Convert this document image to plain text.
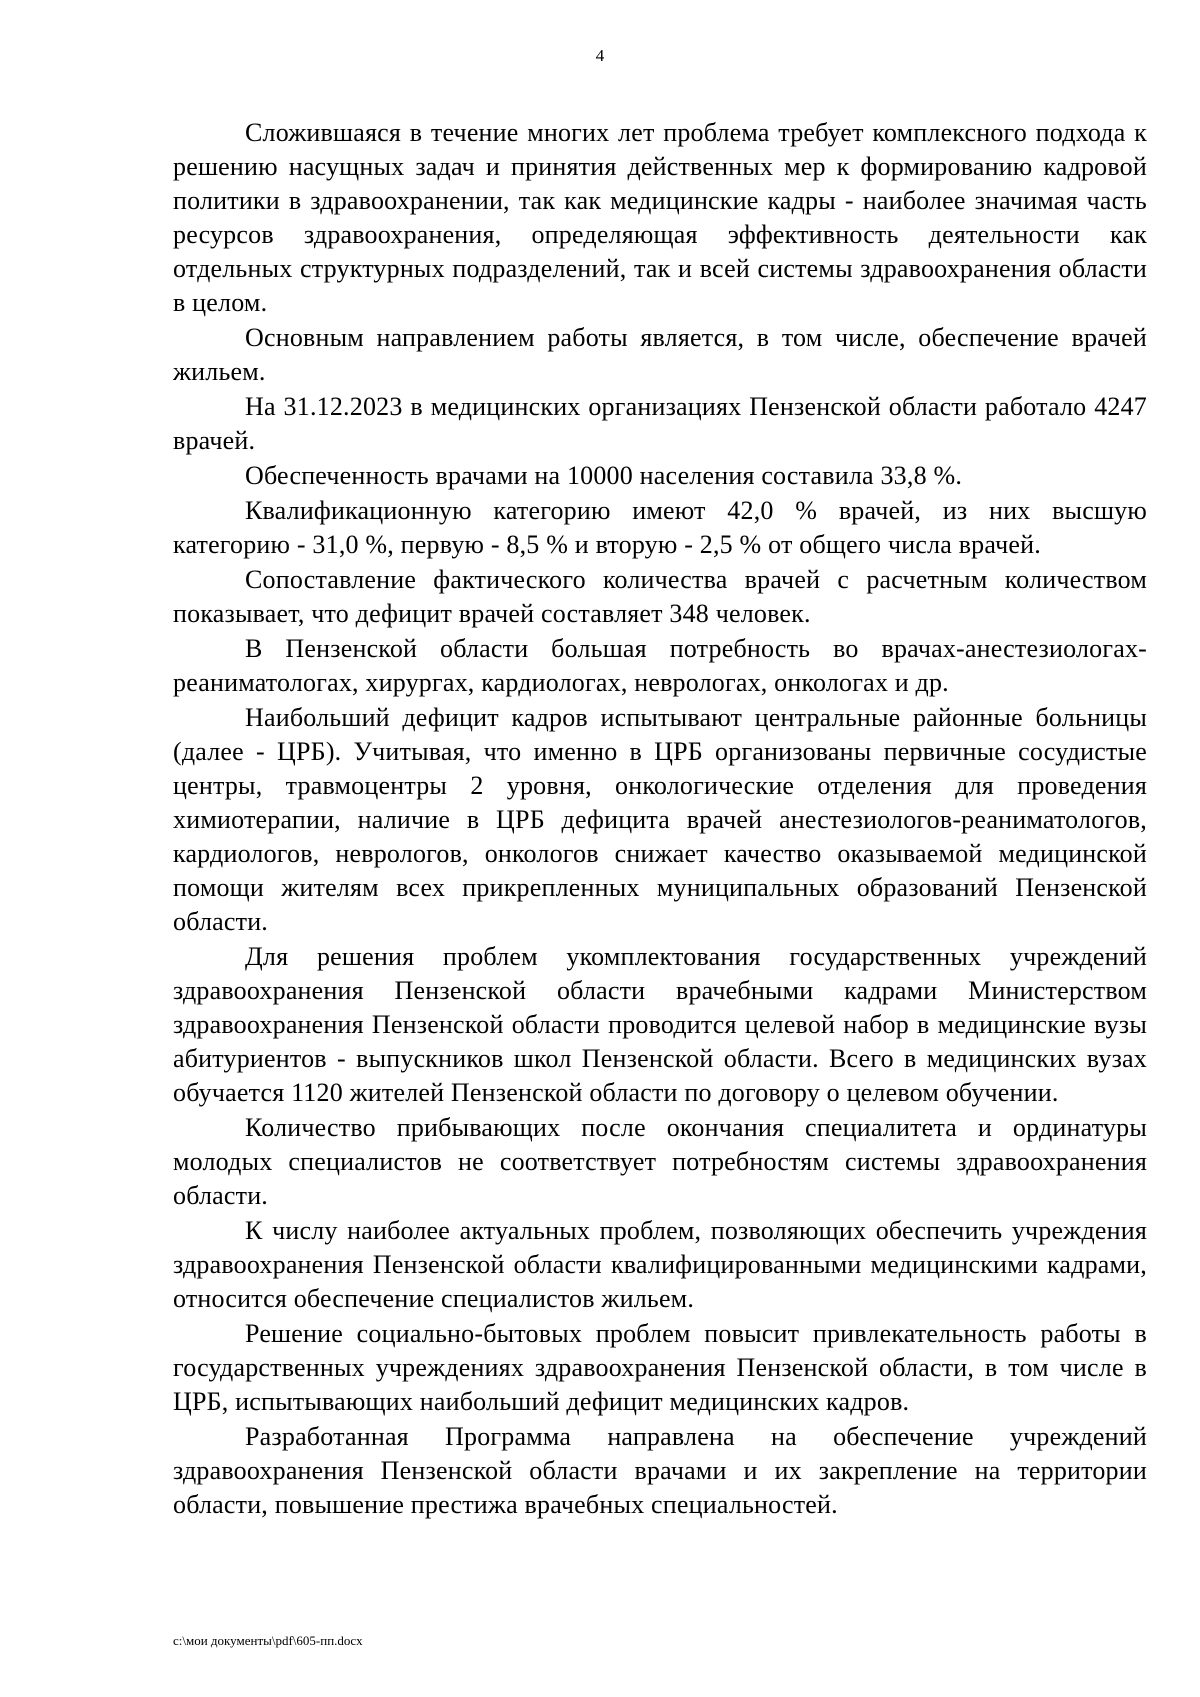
4

Сложившаяся в течение многих лет проблема требует комплексного подхода к решению насущных задач и принятия действенных мер к формированию кадровой политики в здравоохранении, так как медицинские кадры - наиболее значимая часть ресурсов здравоохранения, определяющая эффективность деятельности как отдельных структурных подразделений, так и всей системы здравоохранения области в целом.

Основным направлением работы является, в том числе, обеспечение врачей жильем.

На 31.12.2023 в медицинских организациях Пензенской области работало 4247 врачей.

Обеспеченность врачами на 10000 населения составила 33,8 %.

Квалификационную категорию имеют 42,0 % врачей, из них высшую категорию - 31,0 %, первую - 8,5 % и вторую - 2,5 % от общего числа врачей.

Сопоставление фактического количества врачей с расчетным количеством показывает, что дефицит врачей составляет 348 человек.

В Пензенской области большая потребность во врачах-анестезиологах-реаниматологах, хирургах, кардиологах, неврологах, онкологах и др.

Наибольший дефицит кадров испытывают центральные районные больницы (далее - ЦРБ). Учитывая, что именно в ЦРБ организованы первичные сосудистые центры, травмоцентры 2 уровня, онкологические отделения для проведения химиотерапии, наличие в ЦРБ дефицита врачей анестезиологов-реаниматологов, кардиологов, неврологов, онкологов снижает качество оказываемой медицинской помощи жителям всех прикрепленных муниципальных образований Пензенской области.

Для решения проблем укомплектования государственных учреждений здравоохранения Пензенской области врачебными кадрами Министерством здравоохранения Пензенской области проводится целевой набор в медицинские вузы абитуриентов - выпускников школ Пензенской области. Всего в медицинских вузах обучается 1120 жителей Пензенской области по договору о целевом обучении.

Количество прибывающих после окончания специалитета и ординатуры молодых специалистов не соответствует потребностям системы здравоохранения области.

К числу наиболее актуальных проблем, позволяющих обеспечить учреждения здравоохранения Пензенской области квалифицированными медицинскими кадрами, относится обеспечение специалистов жильем.

Решение социально-бытовых проблем повысит привлекательность работы в государственных учреждениях здравоохранения Пензенской области, в том числе в ЦРБ, испытывающих наибольший дефицит медицинских кадров.

Разработанная Программа направлена на обеспечение учреждений здравоохранения Пензенской области врачами и их закрепление на территории области, повышение престижа врачебных специальностей.

c:\мои документы\pdf\605-пп.docx
